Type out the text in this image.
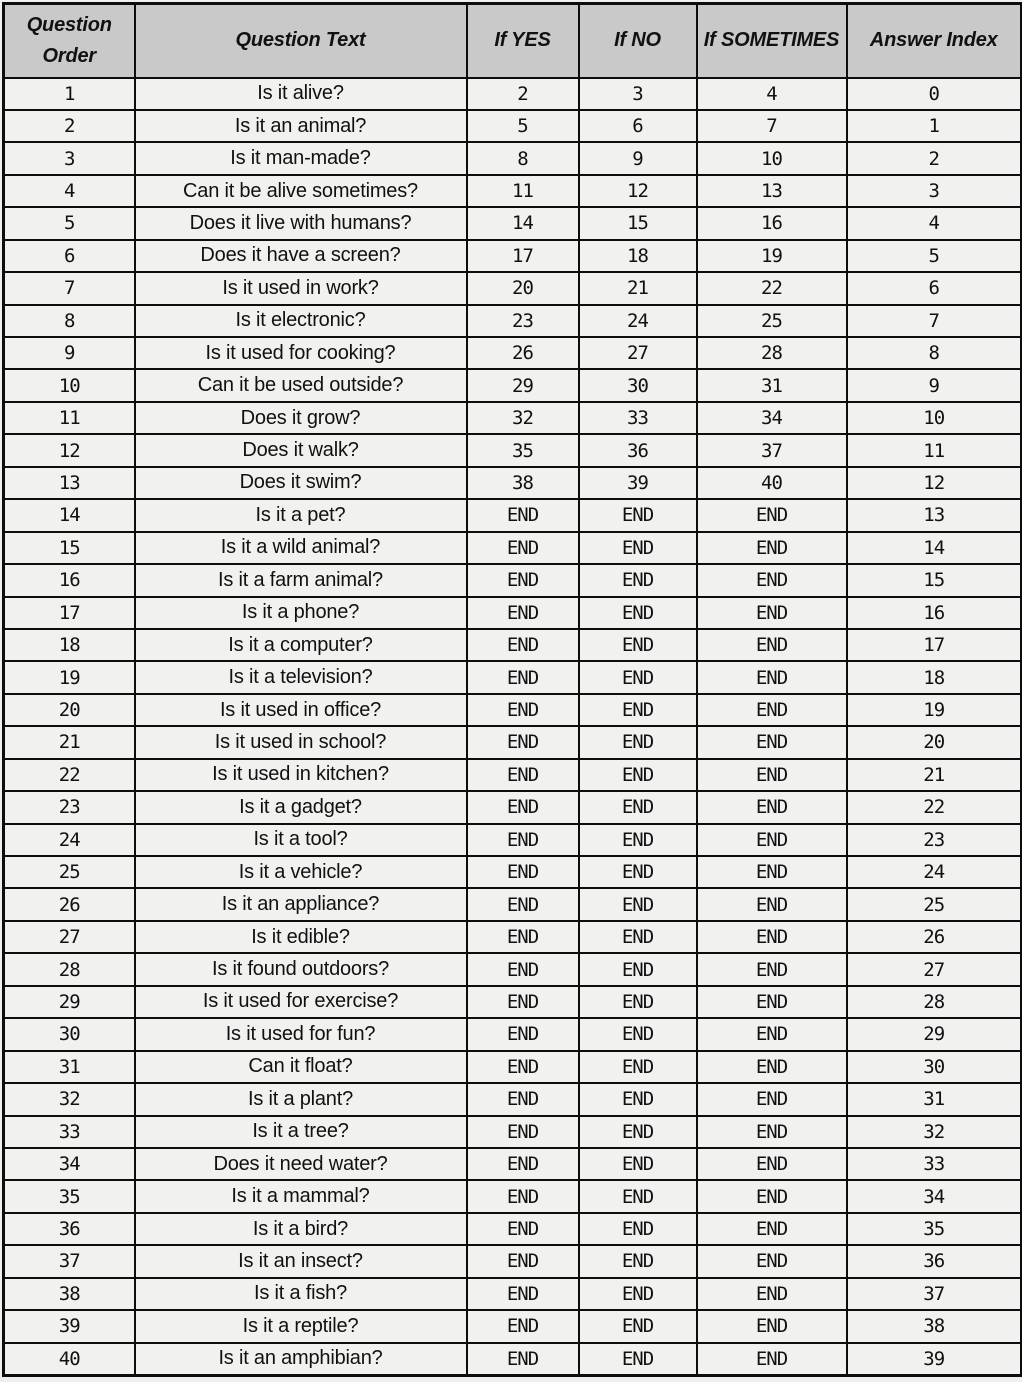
Question Order	Question Text	If YES	If NO	If SOMETIMES	Answer Index
1	Is it alive?	2	3	4	0
2	Is it an animal?	5	6	7	1
3	Is it man-made?	8	9	10	2
4	Can it be alive sometimes?	11	12	13	3
5	Does it live with humans?	14	15	16	4
6	Does it have a screen?	17	18	19	5
7	Is it used in work?	20	21	22	6
8	Is it electronic?	23	24	25	7
9	Is it used for cooking?	26	27	28	8
10	Can it be used outside?	29	30	31	9
11	Does it grow?	32	33	34	10
12	Does it walk?	35	36	37	11
13	Does it swim?	38	39	40	12
14	Is it a pet?	END	END	END	13
15	Is it a wild animal?	END	END	END	14
16	Is it a farm animal?	END	END	END	15
17	Is it a phone?	END	END	END	16
18	Is it a computer?	END	END	END	17
19	Is it a television?	END	END	END	18
20	Is it used in office?	END	END	END	19
21	Is it used in school?	END	END	END	20
22	Is it used in kitchen?	END	END	END	21
23	Is it a gadget?	END	END	END	22
24	Is it a tool?	END	END	END	23
25	Is it a vehicle?	END	END	END	24
26	Is it an appliance?	END	END	END	25
27	Is it edible?	END	END	END	26
28	Is it found outdoors?	END	END	END	27
29	Is it used for exercise?	END	END	END	28
30	Is it used for fun?	END	END	END	29
31	Can it float?	END	END	END	30
32	Is it a plant?	END	END	END	31
33	Is it a tree?	END	END	END	32
34	Does it need water?	END	END	END	33
35	Is it a mammal?	END	END	END	34
36	Is it a bird?	END	END	END	35
37	Is it an insect?	END	END	END	36
38	Is it a fish?	END	END	END	37
39	Is it a reptile?	END	END	END	38
40	Is it an amphibian?	END	END	END	39
